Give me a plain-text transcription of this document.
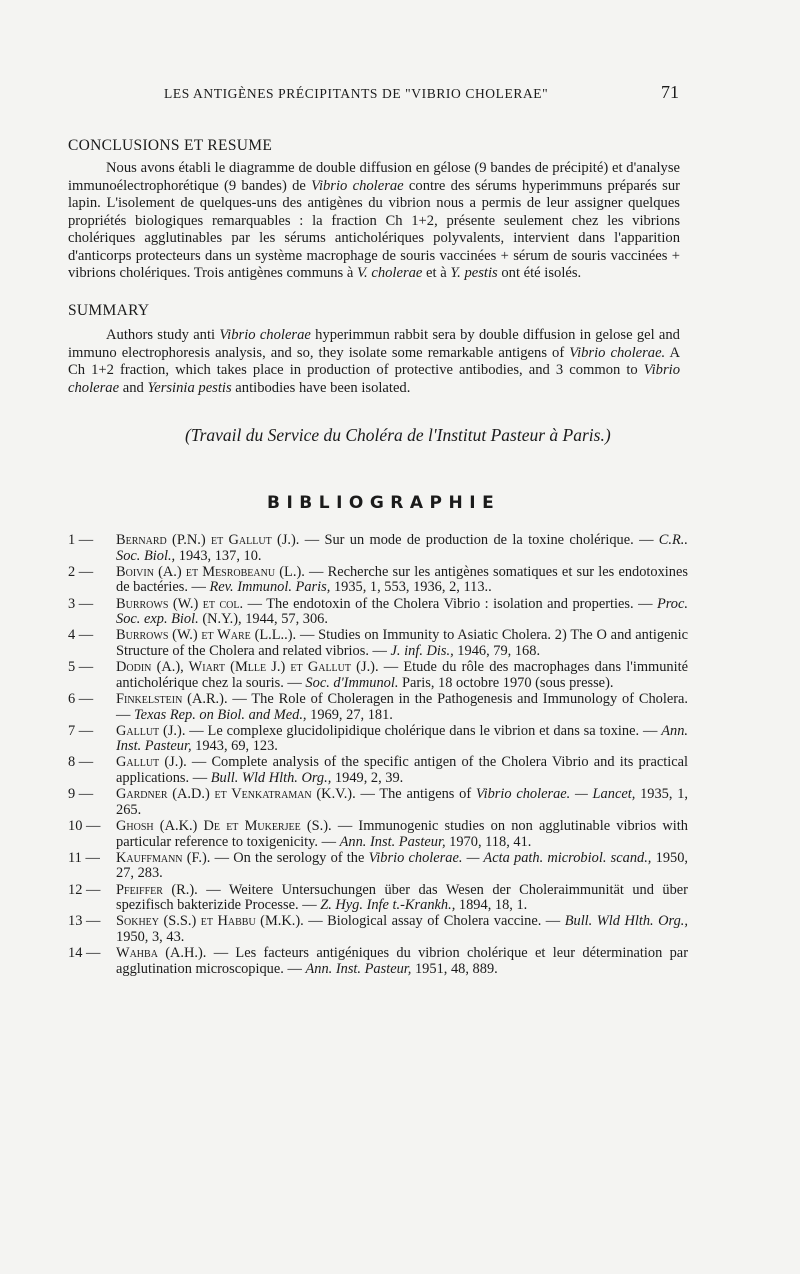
LES ANTIGÈNES PRÉCIPITANTS DE "VIBRIO CHOLERAE"	71
CONCLUSIONS ET RESUME

Nous avons établi le diagramme de double diffusion en gélose (9 bandes de précipité) et d'analyse immunoélectrophorétique (9 bandes) de Vibrio cholerae contre des sérums hyperimmuns préparés sur lapin. L'isolement de quelques-uns des antigènes du vibrion nous a permis de leur assigner quelques propriétés biologiques remarquables : la fraction Ch 1+2, présente seulement chez les vibrions cholériques agglutinables par les sérums anticholériques polyvalents, intervient dans l'apparition d'anticorps protecteurs dans un système macrophage de souris vaccinées + sérum de souris vaccinées + vibrions cholériques. Trois antigènes communs à V. cholerae et à Y. pestis ont été isolés.

SUMMARY

Authors study anti Vibrio cholerae hyperimmun rabbit sera by double diffusion in gelose gel and immuno electrophoresis analysis, and so, they isolate some remarkable antigens of Vibrio cholerae. A Ch 1+2 fraction, which takes place in production of protective antibodies, and 3 common to Vibrio cholerae and Yersinia pestis antibodies have been isolated.

(Travail du Service du Choléra de l'Institut Pasteur à Paris.)
BIBLIOGRAPHIE
1 —	Bernard (P.N.) et Gallut (J.). — Sur un mode de production de la toxine cholérique. — C.R.. Soc. Biol., 1943, 137, 10.
2 —	Boivin (A.) et Mesrobeanu (L.). — Recherche sur les antigènes somatiques et sur les endotoxines de bactéries. — Rev. Immunol. Paris, 1935, 1, 553, 1936, 2, 113..
3 —	Burrows (W.) et col. — The endotoxin of the Cholera Vibrio : isolation and properties. — Proc. Soc. exp. Biol. (N.Y.), 1944, 57, 306.
4 —	Burrows (W.) et Ware (L.L..). — Studies on Immunity to Asiatic Cholera. 2) The O and antigenic Structure of the Cholera and related vibrios. — J. inf. Dis., 1946, 79, 168.
5 —	Dodin (A.), Wiart (Mlle J.) et Gallut (J.). — Etude du rôle des macrophages dans l'immunité anticholérique chez la souris. — Soc. d'Immunol. Paris, 18 octobre 1970 (sous presse).
6 —	Finkelstein (A.R.). — The Role of Choleragen in the Pathogenesis and Immunology of Cholera. — Texas Rep. on Biol. and Med., 1969, 27, 181.
7 —	Gallut (J.). — Le complexe glucidolipidique cholérique dans le vibrion et dans sa toxine. — Ann. Inst. Pasteur, 1943, 69, 123.
8 —	Gallut (J.). — Complete analysis of the specific antigen of the Cholera Vibrio and its practical applications. — Bull. Wld Hlth. Org., 1949, 2, 39.
9 —	Gardner (A.D.) et Venkatraman (K.V.). — The antigens of Vibrio cholerae. — Lancet, 1935, 1, 265.
10 —	Ghosh (A.K.) De et Mukerjee (S.). — Immunogenic studies on non agglutinable vibrios with particular reference to toxigenicity. — Ann. Inst. Pasteur, 1970, 118, 41.
11 —	Kauffmann (F.). — On the serology of the Vibrio cholerae. — Acta path. microbiol. scand., 1950, 27, 283.
12 —	Pfeiffer (R.). — Weitere Untersuchungen über das Wesen der Choleraimmunität und über spezifisch bakterizide Processe. — Z. Hyg. Infe t.-Krankh., 1894, 18, 1.
13 —	Sokhey (S.S.) et Habbu (M.K.). — Biological assay of Cholera vaccine. — Bull. Wld Hlth. Org., 1950, 3, 43.
14 —	Wahba (A.H.). — Les facteurs antigéniques du vibrion cholérique et leur détermination par agglutination microscopique. — Ann. Inst. Pasteur, 1951, 48, 889.
